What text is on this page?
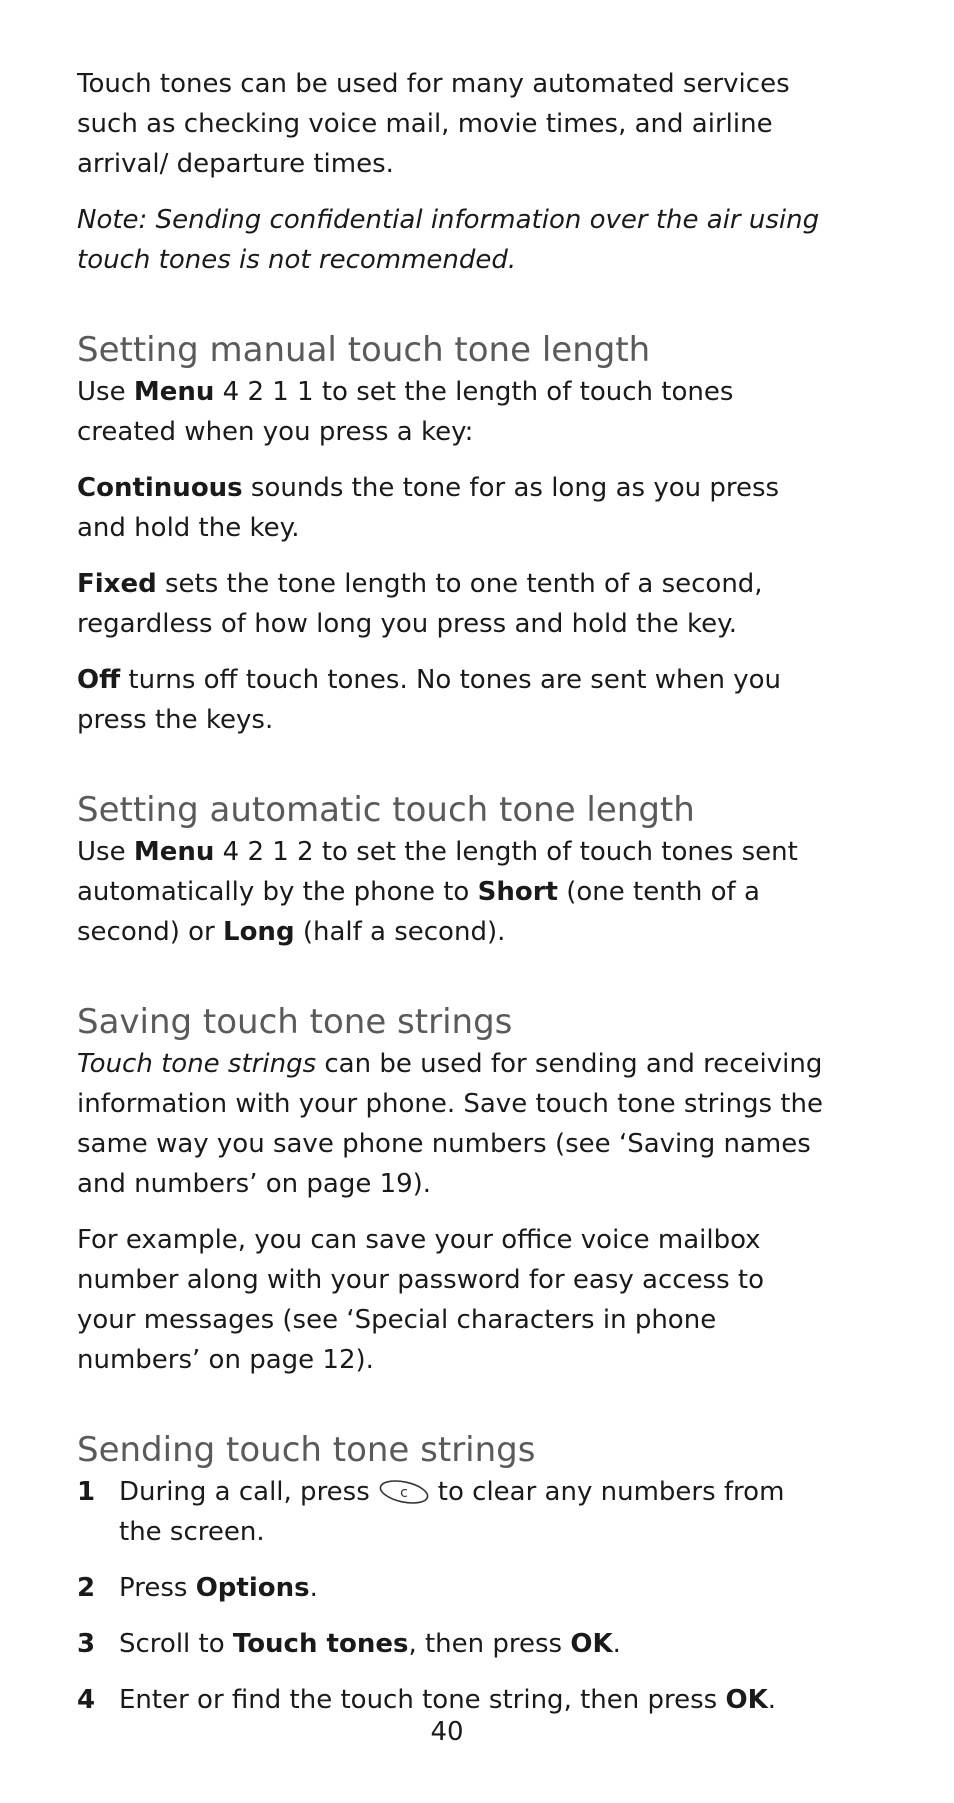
Touch tones can be used for many automated services such as checking voice mail, movie times, and airline arrival/ departure times.

Note: Sending confidential information over the air using touch tones is not recommended.

Setting manual touch tone length

Use Menu 4 2 1 1 to set the length of touch tones created when you press a key:

Continuous sounds the tone for as long as you press and hold the key.

Fixed sets the tone length to one tenth of a second, regardless of how long you press and hold the key.

Off turns off touch tones. No tones are sent when you press the keys.

Setting automatic touch tone length

Use Menu 4 2 1 2 to set the length of touch tones sent automatically by the phone to Short (one tenth of a second) or Long (half a second).

Saving touch tone strings

Touch tone strings can be used for sending and receiving information with your phone. Save touch tone strings the same way you save phone numbers (see ‘Saving names and numbers’ on page 19).

For example, you can save your office voice mailbox number along with your password for easy access to your messages (see ‘Special characters in phone numbers’ on page 12).

Sending touch tone strings
1 During a call, press c to clear any numbers from the screen.
2 Press Options.
3 Scroll to Touch tones, then press OK.
4 Enter or find the touch tone string, then press OK.
40
